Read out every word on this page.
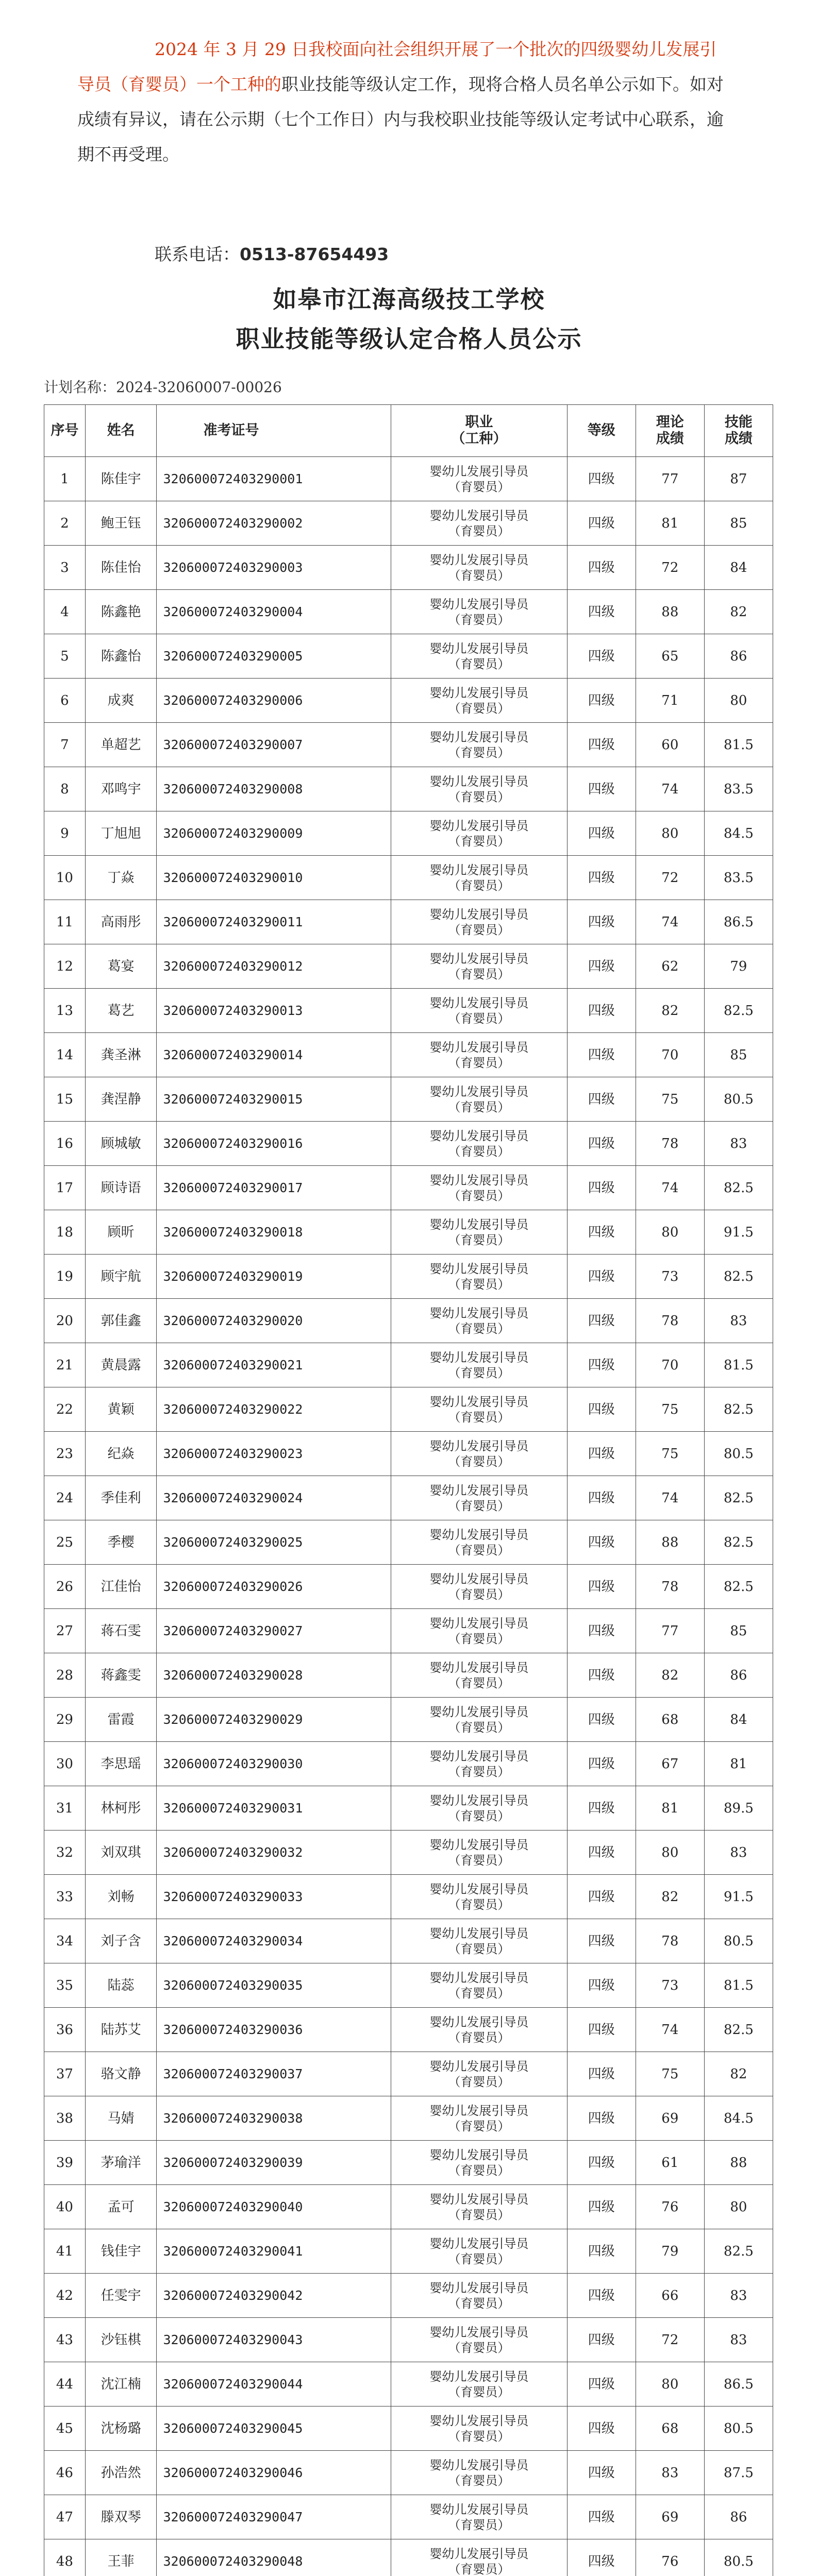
2024 年 3 月 29 日我校面向社会组织开展了一个批次的四级婴幼儿发展引导员（育婴员）一个工种的职业技能等级认定工作，现将合格人员名单公示如下。如对成绩有异议，请在公示期（七个工作日）内与我校职业技能等级认定考试中心联系，逾期不再受理。
联系电话：0513-87654493
如皋市江海高级技工学校
职业技能等级认定合格人员公示
计划名称：2024-32060007-00026
序号	姓名	准考证号	职业
（工种）	等级	理论
成绩	技能
成绩
1	陈佳宇	320600072403290001	婴幼儿发展引导员
（育婴员）	四级	77	87
2	鲍王钰	320600072403290002	婴幼儿发展引导员
（育婴员）	四级	81	85
3	陈佳怡	320600072403290003	婴幼儿发展引导员
（育婴员）	四级	72	84
4	陈鑫艳	320600072403290004	婴幼儿发展引导员
（育婴员）	四级	88	82
5	陈鑫怡	320600072403290005	婴幼儿发展引导员
（育婴员）	四级	65	86
6	成爽	320600072403290006	婴幼儿发展引导员
（育婴员）	四级	71	80
7	单超艺	320600072403290007	婴幼儿发展引导员
（育婴员）	四级	60	81.5
8	邓鸣宇	320600072403290008	婴幼儿发展引导员
（育婴员）	四级	74	83.5
9	丁旭旭	320600072403290009	婴幼儿发展引导员
（育婴员）	四级	80	84.5
10	丁焱	320600072403290010	婴幼儿发展引导员
（育婴员）	四级	72	83.5
11	高雨彤	320600072403290011	婴幼儿发展引导员
（育婴员）	四级	74	86.5
12	葛宴	320600072403290012	婴幼儿发展引导员
（育婴员）	四级	62	79
13	葛艺	320600072403290013	婴幼儿发展引导员
（育婴员）	四级	82	82.5
14	龚圣淋	320600072403290014	婴幼儿发展引导员
（育婴员）	四级	70	85
15	龚涅静	320600072403290015	婴幼儿发展引导员
（育婴员）	四级	75	80.5
16	顾城敏	320600072403290016	婴幼儿发展引导员
（育婴员）	四级	78	83
17	顾诗语	320600072403290017	婴幼儿发展引导员
（育婴员）	四级	74	82.5
18	顾昕	320600072403290018	婴幼儿发展引导员
（育婴员）	四级	80	91.5
19	顾宇航	320600072403290019	婴幼儿发展引导员
（育婴员）	四级	73	82.5
20	郭佳鑫	320600072403290020	婴幼儿发展引导员
（育婴员）	四级	78	83
21	黄晨露	320600072403290021	婴幼儿发展引导员
（育婴员）	四级	70	81.5
22	黄颖	320600072403290022	婴幼儿发展引导员
（育婴员）	四级	75	82.5
23	纪焱	320600072403290023	婴幼儿发展引导员
（育婴员）	四级	75	80.5
24	季佳利	320600072403290024	婴幼儿发展引导员
（育婴员）	四级	74	82.5
25	季樱	320600072403290025	婴幼儿发展引导员
（育婴员）	四级	88	82.5
26	江佳怡	320600072403290026	婴幼儿发展引导员
（育婴员）	四级	78	82.5
27	蒋石雯	320600072403290027	婴幼儿发展引导员
（育婴员）	四级	77	85
28	蒋鑫雯	320600072403290028	婴幼儿发展引导员
（育婴员）	四级	82	86
29	雷霞	320600072403290029	婴幼儿发展引导员
（育婴员）	四级	68	84
30	李思瑶	320600072403290030	婴幼儿发展引导员
（育婴员）	四级	67	81
31	林柯彤	320600072403290031	婴幼儿发展引导员
（育婴员）	四级	81	89.5
32	刘双琪	320600072403290032	婴幼儿发展引导员
（育婴员）	四级	80	83
33	刘畅	320600072403290033	婴幼儿发展引导员
（育婴员）	四级	82	91.5
34	刘子含	320600072403290034	婴幼儿发展引导员
（育婴员）	四级	78	80.5
35	陆蕊	320600072403290035	婴幼儿发展引导员
（育婴员）	四级	73	81.5
36	陆苏艾	320600072403290036	婴幼儿发展引导员
（育婴员）	四级	74	82.5
37	骆文静	320600072403290037	婴幼儿发展引导员
（育婴员）	四级	75	82
38	马婧	320600072403290038	婴幼儿发展引导员
（育婴员）	四级	69	84.5
39	茅瑜洋	320600072403290039	婴幼儿发展引导员
（育婴员）	四级	61	88
40	孟可	320600072403290040	婴幼儿发展引导员
（育婴员）	四级	76	80
41	钱佳宇	320600072403290041	婴幼儿发展引导员
（育婴员）	四级	79	82.5
42	任雯宇	320600072403290042	婴幼儿发展引导员
（育婴员）	四级	66	83
43	沙钰棋	320600072403290043	婴幼儿发展引导员
（育婴员）	四级	72	83
44	沈江楠	320600072403290044	婴幼儿发展引导员
（育婴员）	四级	80	86.5
45	沈杨璐	320600072403290045	婴幼儿发展引导员
（育婴员）	四级	68	80.5
46	孙浩然	320600072403290046	婴幼儿发展引导员
（育婴员）	四级	83	87.5
47	滕双琴	320600072403290047	婴幼儿发展引导员
（育婴员）	四级	69	86
48	王菲	320600072403290048	婴幼儿发展引导员
（育婴员）	四级	76	80.5
